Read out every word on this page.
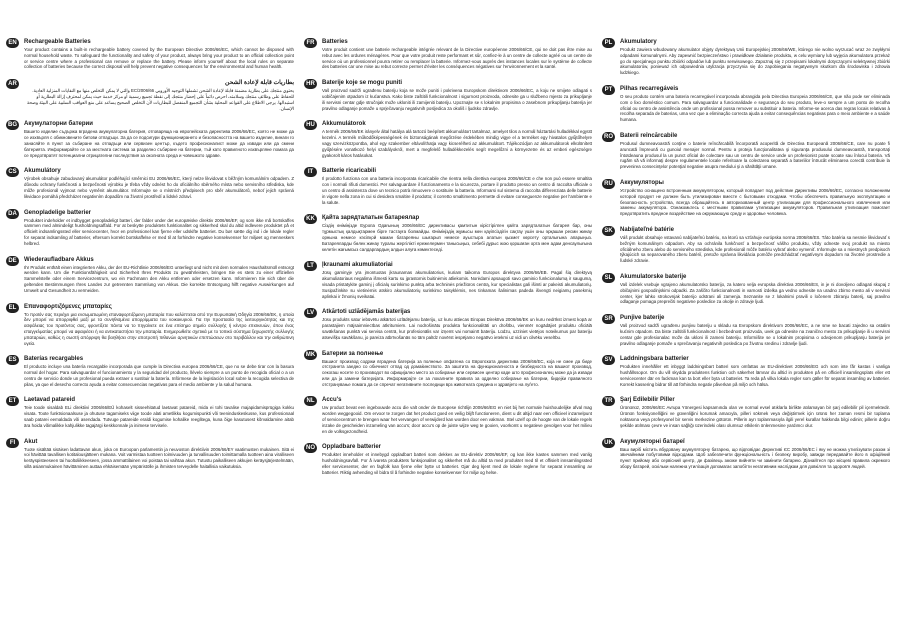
EN	Rechargeable Batteries

Your product contains a built-in rechargeable battery covered by the European Directive 2006/66/EC, which cannot be disposed with normal household waste. To safeguard the functionality and safety of your product, always bring your product to an official collection point or service centre where a professional can remove or replace the battery. Please inform yourself about the local rules on separate collection of batteries because the correct disposal will help prevent negative consequences for the environmental and human health.

AR	بطاريات قابلة لإعادة الشحن

يحتوي منتجك على بطارية مضمنة قابلة لإعادة الشحن تشملها التوجيه الأوروبي EC/2006/66 والتي لا يمكن التخلص منها مع النفايات المنزلية العادية. للحفاظ على وظائف منتجك وسلامته، احرص دائماً على إحضار منتجك إلى نقطة تجميع رسمية أو مركز خدمة حيث يمكن لمحترف إزالة البطارية أو استبدالها. يرجى الاطلاع على القواعد المحلية بشأن التجميع المنفصل للبطاريات لأن التخلص الصحيح يساعد على منع العواقب السلبية على البيئة وصحة الإنسان.

BG	Акумулаторни батерии

Вашето изделие съдържа вградена акумулаторна батерия, отговаряща на европейската директива 2006/66/ЕС, която не може да се изхвърля с обикновените битови отпадъци. За да се подсигури функционирането и безопасността на вашето изделие, винаги го занасяйте в пункт за събиране на отпадъци или сервизен център, където професионалист може да извади или да смени батерията. Информирайте се за местната система за разделно събиране на батерии, тъй като правилното изхвърляне помага да се предотвратят потенциални отрицателни последствия за околната среда и човешкото здраве.

CS	Akumulátory

Výrobek obsahuje zabudovaný akumulátor podléhající směrnici EU 2006/66/EC, který nelze likvidovat s běžným komunálním odpadem. Z důvodu ochrany funkčnosti a bezpečnosti výrobku je třeba vždy odnést ho do oficiálního sběrného místa nebo servisního střediska, kde může profesionál vyjmout nebo vyměnit akumulátor. Informujte se o místních předpisech pro sběr akumulátorů, neboť jejich správná likvidace pomáhá předcházet negativním dopadům na životní prostředí a lidské zdraví.

DA	Genopladelige batterier

Produktet indeholder et indbygget genopladeligt batteri, der falder under det europæiske direktiv 2006/66/EF, og som ikke må bortskaffes sammen med almindeligt husholdningsaffald. For at beskytte produktets funktionalitet og sikkerhed skal du altid indlevere produktet på et officielt indsamlingssted eller servicecenter, hvor en professionel kan fjerne eller udskifte batteriet. Du bør sætte dig ind i de lokale regler for separat indsamling af batterier, eftersom korrekt bortskaffelse er med til at forhindre negative konsekvenser for miljøet og menneskers helbred.

DE	Wiederaufladbare Akkus

Ihr Produkt enthält einen integrierten Akku, der der EU-Richtlinie 2006/66/EG unterliegt und nicht mit dem normalen Haushaltsmüll entsorgt werden kann. Um die Funktionsfähigkeit und Sicherheit Ihres Produkts zu gewährleisten, bringen Sie es stets zu einer offiziellen Sammelstelle oder einem Servicezentrum, wo ein Fachmann den Akku entfernen oder ersetzen kann. Informieren Sie sich über die geltenden Bestimmungen Ihres Landes zur getrennten Sammlung von Akkus. Die korrekte Entsorgung hilft negative Auswirkungen auf Umwelt und Gesundheit zu vermeiden.

EL	Επαναφορτιζόμενες μπαταρίες

Το προϊόν σας περιέχει μια ενσωματωμένη επαναφορτιζόμενη μπαταρία που καλύπτεται από την Ευρωπαϊκή Οδηγία 2006/66/ΕΚ, η οποία δεν μπορεί να απορριφθεί μαζί με τα συνηθισμένα απορρίμματα του νοικοκυριού. Για την προστασία της λειτουργικότητας και της ασφάλειας του προϊόντος σας, φροντίζετε πάντα να το πηγαίνετε σε ένα επίσημο σημείο συλλογής ή κέντρο επισκευών, όπου ένας επαγγελματίας μπορεί να αφαιρέσει ή να αντικαταστήσει την μπαταρία. Ενημερωθείτε σχετικά με το τοπικό σύστημα ξεχωριστής συλλογής μπαταριών, καθώς η σωστή απόρριψη θα βοηθήσει στην αποτροπή πιθανών αρνητικών επιπτώσεων στο περιβάλλον και την ανθρώπινη υγεία.

ES	Baterías recargables

El producto incluye una batería recargable incorporada que cumple la Directiva europea 2006/66/CE, que no se debe tirar con la basura normal del hogar. Para salvaguardar el funcionamiento y la seguridad del producto, llévelo siempre a un punto de recogida oficial o a un centro de servicio donde un profesional pueda extraer o sustituir la batería. Infórmese de la legislación local sobre la recogida selectiva de pilas, ya que el desecho correcto ayuda a evitar consecuencias negativas para el medio ambiente y la salud humana.

ET	Laetavad patareid

Teie toode sisaldab ELi direktiivi 2006/66/EÜ kohaselt sisseehitatud laetavat patareid, mida ei tohi tavalise majapidamisprügiga kokku visata. Toote funktsionaalsuse ja ohutuse tagamiseks viige toode alati ametlikku kogumispunkti või teeninduskeskusse, kus professionaal saab patarei eemaldada või asendada. Tutvuge patareide eraldi kogumise kohalike reeglitega, kuna õige kasutusest kõrvaldamine aitab ära hoida võimalikke kahjulikke tagajärgi keskkonnale ja inimese tervisele.

FI	Akut

Tuote sisältää sisäisen ladattavan akun, joka on Euroopan parlamentin ja neuvoston direktiivin 2006/66/EY vaatimusten mukainen. Sitä ei voi hävittää tavallisen kotitalousjätteen mukana. Voit varmistaa tuotteen toimivuuden ja turvallisuuden toimittamalla tuotteen aina viralliseen keräyspisteeseen tai huoltoliikkeeseen, jossa ammattilainen voi poistaa tai vaihtaa akun. Tutustu paikalliseen akkujen keräysjärjestelmään, sillä asianmukainen hävittäminen auttaa ehkäisemään ympäristölle ja ihmisten terveydelle haitallisia vaikutuksia.

FR	Batteries

Votre produit contient une batterie rechargeable intégrée relevant de la Directive européenne 2006/66/CE, qui ne doit pas être mise au rebut avec les ordures ménagères. Pour que votre produit reste performant et sûr, confiez-le à un centre de collecte agréé ou un centre de service où un professionnel pourra retirer ou remplacer la batterie. Informez-vous auprès des instances locales sur le système de collecte des batteries car une mise au rebut correcte permet d'éviter les conséquences négatives sur l'environnement et la santé.

HR	Baterije koje se mogu puniti

Vaš proizvod sadrži ugrađenu bateriju koja se može puniti i pokrivena Europskom direktivom 2006/66/EC, a koju ne smijete odlagati s uobičajenim otpadom iz kućanstva. Kako biste zaštitili funkcionalnost i sigurnost proizvoda, odnesite ga u službeno mjesto za prikupljanje ili servisni centar gdje stručnjak može ukloniti ili zamijeniti bateriju. Upoznajte se s lokalnim propisima o zasebnom prikupljanju baterija jer pravilno odlaganje pomaže u sprječavanju negativnih posljedica za okoliš i ljudsko zdravlje.

HU	Akkumulátorok

A termék 2006/66/EK irányelv által hatálya alá tartozó beépített akkumulátort tartalmaz, amelyet tilos a normál háztartási hulladékkal együtt kezelni. A termék működőképességének és biztonságának megőrzése érdekében mindig vigye el a terméket egy hivatalos gyűjtőhelyre vagy szervizközpontba, ahol egy szakember eltávolíthatja vagy kicserélheti az akkumulátort. Tájékozódjon az akkumulátorok elkülönített gyűjtésére vonatkozó helyi szabályokról, mert a megfelelő hulladékkezelés segít megelőzni a környezetre és az emberi egészségre gyakorolt káros hatásokat.

IT	Batterie ricaricabili

Il prodotto funziona con una batteria incorporata ricaricabile che rientra nella direttiva europea 2006/66/CE e che non può essere smaltita con i normali rifiuti domestici. Per salvaguardare il funzionamento e la sicurezza, portare il prodotto presso un centro di raccolta ufficiale o un centro di assistenza dove un tecnico potrà rimuovere o sostituire la batteria. Informarsi sul sistema di raccolta differenziata delle batterie in vigore nella zona in cui si desidera smaltire il prodotto; il corretto smaltimento permette di evitare conseguenze negative per l'ambiente e la salute.

KK	Қайта зарядталатын батареялар

Сіздің өніміңізде Еуропа Одағының 2006/66/EC директивасы қамтитын кірістірілген қайта зарядталатын батарея бар, оны тұрмыстық қалдықтармен бірге тастауға болмайды. Өніміңіздің жұмысы мен қауіпсіздігін сақтау үшін оны әрқашан ресми жинау орнына немесе кәсіпқой маман батареяны шығарып немесе ауыстыра алатын қызмет көрсету орталығына апарыңыз. Батареяларды бөлек жинау туралы жергілікті ережелермен танысыңыз, себебі дұрыс жою қоршаған орта мен адам денсаулығына келетін жағымсыз салдарлардың алдын алуға көмектеседі.

LT	Įkraunami akumuliatoriai

Jūsų gaminyje yra įmontuotas įkraunamas akumuliatorius, kuriam taikoma Europos direktyva 2006/66/EB. Pagal šią direktyvą akumuliatoriaus negalima išmesti kartu su įprastomis buitinėmis atliekomis. Norėdami apsaugoti savo gaminio funkcionalumą ir saugumą, visada pristatykite gaminį į oficialų surinkimo punktą arba techninės priežiūros centrą, kur specialistas gali išimti ar pakeisti akumuliatorių. Susipažinkite su vietinėmis atskiro akumuliatorių surinkimo taisyklėmis, nes tinkamas šalinimas padeda išvengti neigiamų pasekmių aplinkai ir žmonių sveikatai.

LV	Atkārtoti uzlādējamās baterijas

Jūsu produkts satur iebūvētu atkārtoti uzlādējamu bateriju, uz kuru attiecas Eiropas Direktīva 2006/66/EK un kuru nedrīkst izmest kopā ar parastajiem mājsaimniecības atkritumiem. Lai nodrošinātu produkta funkcionalitāti un drošību, vienmēr nogādājiet produktu oficiālā savākšanas punktā vai servisa centrā, kur profesionālis var izņemt vai nomainīt bateriju. Lūdzu, uzziniet vietējos noteikumus par bateriju atsevišķu savākšanu, jo pareiza atbrīvošanās no tām palīdz novērst iespējamo negatīvo ietekmi uz vidi un cilvēku veselību.

MK	Батерии за полнење

Вашиот производ содржи вградена батерија за полнење опфатена со Европската директива 2006/66/ЕС, која не смее да биде отстранета заедно со обичниот отпад од домаќинството. За заштита на функционалноста и безбедноста на вашиот производ, секогаш носете го производот во официјално место за собирање или сервисен центар каде што професионалец може да ја извади или да ја замени батеријата. Информирајте се за локалните правила за одделно собирање на батерии, бидејќи правилното отстранување помага да се спречат негативните последици врз животната средина и здравјето на луѓето.

NL	Accu's

Uw product bevat een ingebouwde accu die valt onder de Europese richtlijn 2006/66/EG en niet bij het normale huishoudelijke afval mag worden weggegooid. Om ervoor te zorgen dat het product goed en veilig blijft functioneren, dient u dit altijd naar een officieel inzamelpunt of servicecentrum te brengen waar het vervangen of verwijderd kan worden door een vakman. Stel uzelf op de hoogte van de lokale regels inzake de gescheiden inzameling van accu's; door accu's op de juiste wijze weg te gooien, voorkomt u negatieve gevolgen voor het milieu en de volksgezondheid.

NO	Oppladbare batterier

Produktet inneholder et innebygd oppladbart batteri som dekkes av EU-direktiv 2006/66/EF, og kan ikke kastes sammen med vanlig husholdningsavfall. For å ivareta produktets funksjonalitet og sikkerhet må du alltid ta med produktet med til et offisielt innsamlingssted eller servicesenter, der en fagfolk kan fjerne eller bytte ut batteriet. Gjør deg kjent med de lokale reglene for separat innsamling av batterier. Riktig avhending vil bidra til å forhindre negative konsekvenser for miljø og helse.

PL	Akumulatory

Produkt zawiera wbudowany akumulator objęty dyrektywą Unii Europejskiej 2006/66/WE, którego nie wolno wyrzucać wraz ze zwykłymi odpadami komunalnymi. Aby zapewnić bezpieczeństwo i prawidłowe działanie produktu, w celu wymiany lub wyjęcia akumulatora przekaż go do specjalnego punktu zbiórki odpadów lub punktu serwisowego. Zapoznaj się z przepisami lokalnymi dotyczącymi selektywnej zbiórki akumulatorów, ponieważ ich odpowiednia utylizacja przyczynia się do zapobiegania negatywnym skutkom dla środowiska i zdrowia ludzkiego.

PT	Pilhas recarregáveis

O seu produto contém uma bateria recarregável incorporada abrangida pela Directiva Europeia 2006/66/CE, que não pode ser eliminada com o lixo doméstico comum. Para salvaguardar a funcionalidade e segurança do seu produto, leve-o sempre a um ponto de recolha oficial ou centro de assistência onde um profissional possa remover ou substituir a bateria. Informe-se acerca das regras locais relativas à recolha separada de baterias, uma vez que a eliminação correcta ajuda a evitar consequências negativas para o meio ambiente e a saúde humana.

RO	Baterii reîncărcabile

Produsul dumneavoastră conţine o baterie reîncărcabilă încorporată acoperită de Directiva Europeană 2006/66/CE, care nu poate fi aruncată împreună cu gunoiul menajer normal. Pentru a proteja funcţionalitatea şi siguranţa produsului dumneavoastră, transportaţi întotdeauna produsul la un punct oficial de colectare sau un centru de service unde un profesionist poate scoate sau înlocui bateria. Vă rugăm să vă informaţi despre regulamentele locale referitoare la colectarea separată a bateriilor întrucât eliminarea corectă contribuie la prevenirea consecinţelor potenţial negative asupra mediului şi a sănătăţii umane.

RU	Аккумуляторы

Устройство оснащено встроенным аккумулятором, который попадает под действие Директивы 2006/66/EC, согласно положениям которой продукт не должен быть утилизирован вместе с бытовыми отходами. Чтобы обеспечить правильную эксплуатацию и безопасность устройства, всегда обращайтесь в авторизованный центр утилизации для профессионального извлечения или замены аккумулятора. Ознакомьтесь с местными правилами утилизации аккумуляторов. Правильная утилизация помогает предотвратить вредное воздействие на окружающую среду и здоровье человека.

SK	Nabíjateľné batérie

Váš produkt obsahuje vstavanú nabíjateľnú batériu, na ktorú sa vzťahuje európska norma 2006/66/ES. Táto batéria sa nesmie likvidovať s bežným komunálnym odpadom. Aby sa ochránila funkčnosť a bezpečnosť vášho produktu, vždy odneste svoj produkt na miesto oficiálneho zberu alebo do servisného strediska, kde profesionál môže batériu vybrať alebo vymeniť. Informujte sa o miestnych predpisoch týkajúcich sa separovaného zberu batérií, pretože správna likvidácia pomôže predchádzať negatívnym dopadom na životné prostredie a ľudské zdravie.

SL	Akumulatorske baterije

Vaš izdelek vsebuje vgrajeno akumulatorsko baterijo, za katero velja evropska direktiva 2006/66/ES, in je ni dovoljeno odlagati skupaj z običajnimi gospodinjskimi odpadki. Za zaščito funkcionalnosti in varnosti izdelka ga vedno odnesite na uradno zbirno mesto ali v servisni center, kjer lahko strokovnjak baterijo odstrani ali zamenja. Seznanite se z lokalnimi pravili o ločenem zbiranju baterij, saj pravilno odlaganje pomaga preprečiti negativne posledice za okolje in zdravje ljudi.

SR	Punjive baterije

Vaš proizvod sadrži ugrađenu punjivu bateriju u skladu sa Evropskom direktivom 2006/66/EC, a ne sme se bacati zajedno sa ostalim kućnim otpadom. Da biste zaštitili funkcionalnost i bezbednost proizvoda, uvek ga odnesite na zvanično mesto za prikupljanje ili u servisni centar gde profesionalac može da ukloni ili zameni bateriju. Informišite se o lokalnim propisima o odvojenom prikupljanju baterija jer pravilno odlaganje pomaže u sprečavanju negativnih posledica po životnu sredinu i zdravlje ljudi.

SV	Laddningsbara batterier

Produkten innehåller ett inbyggt laddningsbart batteri som omfattas av EU-direktivet 2006/66/EG och som inte får kastas i vanliga hushållssopor. Om du vill skydda produktens funktion och säkerhet lämnar du alltid in produkten på en officiell insamlingsplats eller ett servicecenter där en fackman kan ta bort eller byta ut batteriet. Ta reda på vilka lokala regler som gäller för separat insamling av batterier. Korrekt kassering bidrar till att förhindra negativ påverkan på miljö och hälsa.

TR	Şarj Edilebilir Piller

Ürününüz, 2006/66/EC Avrupa Yönergesi kapsamında olan ve normal evsel atıklarla birlikte atılamayan bir şarj edilebilir pil içermektedir. Ürünün fonksiyonelliğini ve güvenliğini korumak amacıyla, pilleri sökmek veya değiştirmek için ürünü her zaman resmi bir toplama noktasına veya profesyonel bir servis merkezine götürün. Pillerin ayrı toplanmasıyla ilgili yerel kurallar hakkında bilgi edinin; pillerin doğru şekilde atılması çevre ve insan sağlığı üzerindeki olası olumsuz etkilerin önlenmesine yardımcı olur.

UK	Акумуляторні батареї

Ваш виріб містить вбудовану акумуляторну батарею, що відповідає Директиві ЄС 2006/66/ЕС і яку не можна утилізувати разом зі звичайними побутовими відходами. Щоб забезпечити функціональність і безпеку виробу, завжди передавайте його в офіційний пункт прийому або сервісний центр, де фахівець зможе вийняти чи замінити батарею. Дізнайтеся про місцеві правила окремого збору батарей, оскільки належна утилізація допомагає запобігти негативним наслідкам для довкілля та здоров'я людей.
